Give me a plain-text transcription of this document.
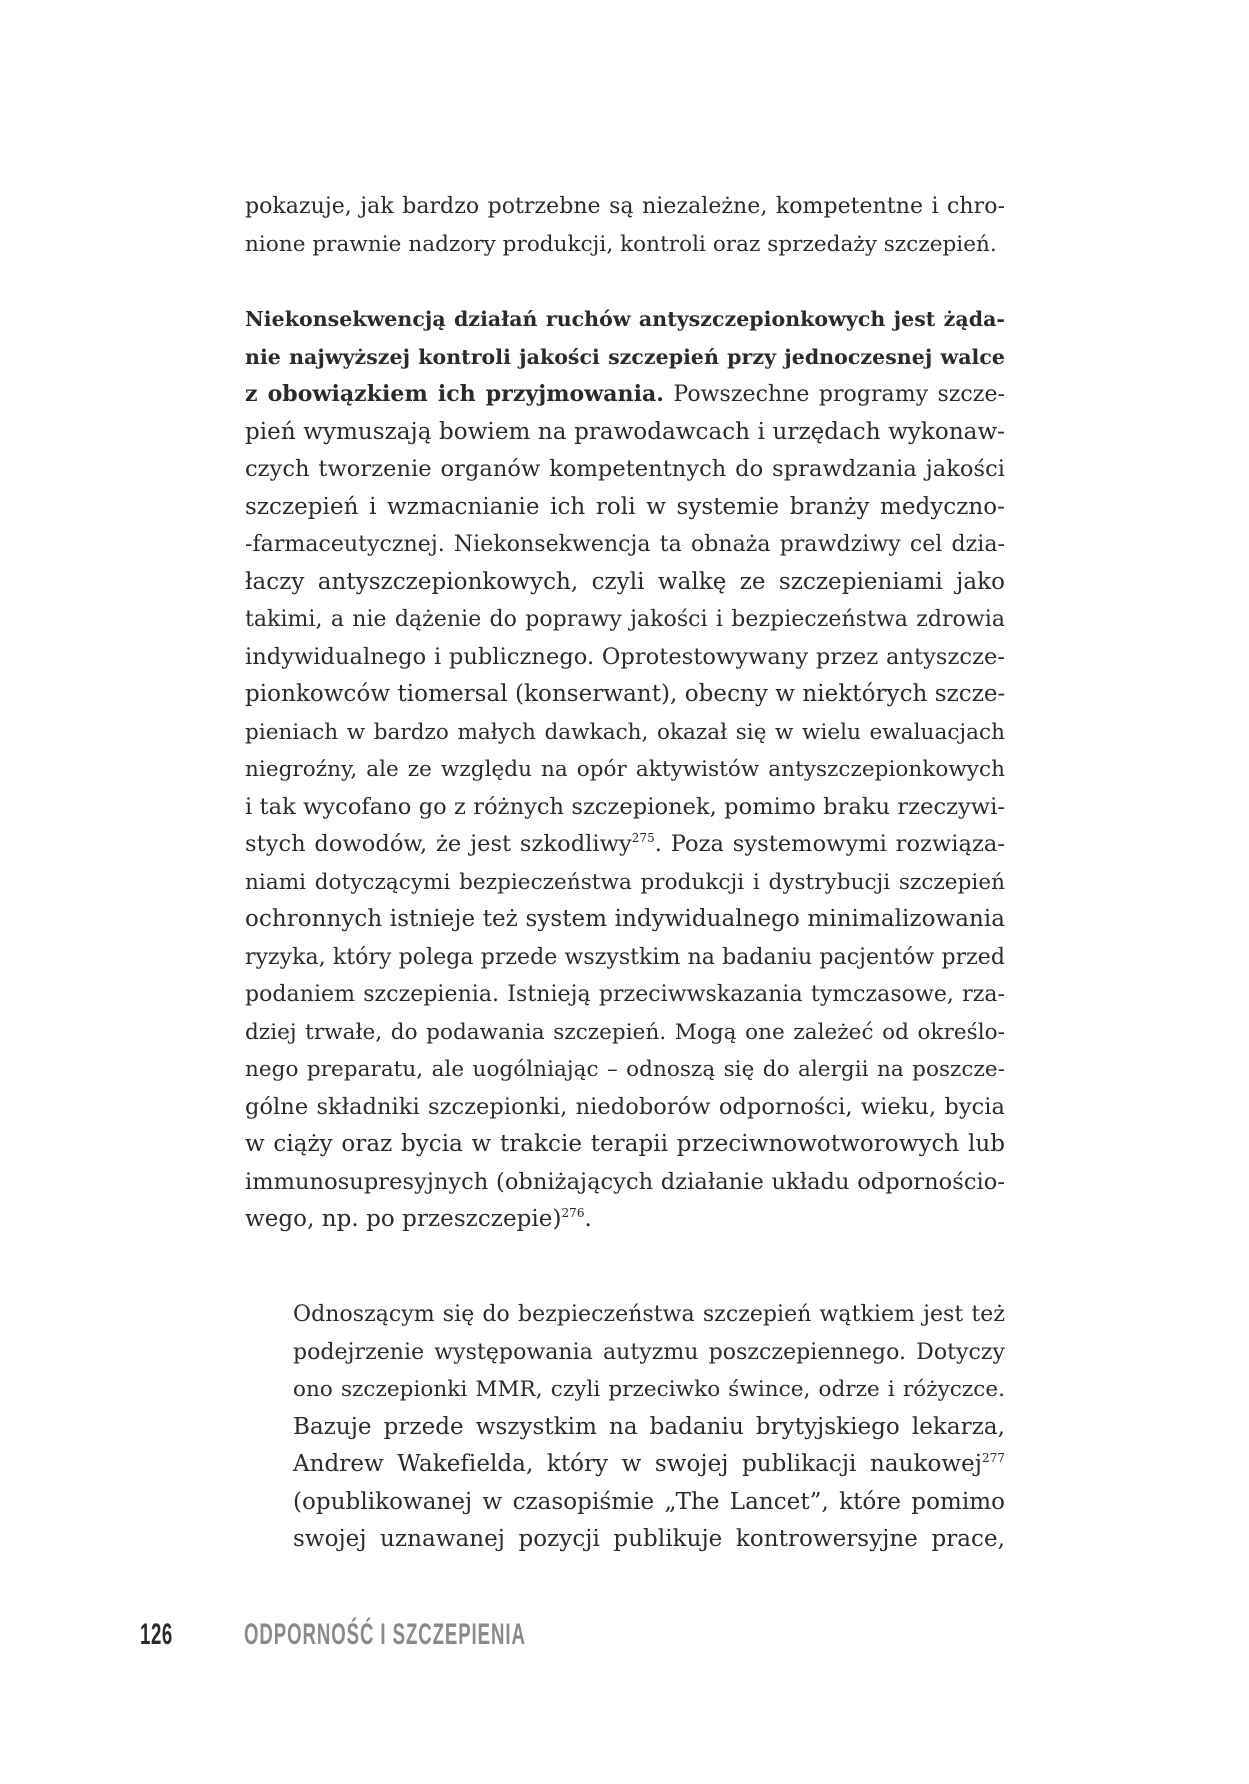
pokazuje, jak bardzo potrzebne są niezależne, kompetentne i chro-
nione prawnie nadzory produkcji, kontroli oraz sprzedaży szczepień.
Niekonsekwencją działań ruchów antyszczepionkowych jest żąda-
nie najwyższej kontroli jakości szczepień przy jednoczesnej walce
z obowiązkiem ich przyjmowania. Powszechne programy szcze-
pień wymuszają bowiem na prawodawcach i urzędach wykonaw-
czych tworzenie organów kompetentnych do sprawdzania jakości
szczepień i wzmacnianie ich roli w systemie branży medyczno-
-farmaceutycznej. Niekonsekwencja ta obnaża prawdziwy cel dzia-
łaczy antyszczepionkowych, czyli walkę ze szczepieniami jako
takimi, a nie dążenie do poprawy jakości i bezpieczeństwa zdrowia
indywidualnego i publicznego. Oprotestowywany przez antyszcze-
pionkowców tiomersal (konserwant), obecny w niektórych szcze-
pieniach w bardzo małych dawkach, okazał się w wielu ewaluacjach
niegroźny, ale ze względu na opór aktywistów antyszczepionkowych
i tak wycofano go z różnych szczepionek, pomimo braku rzeczywi-
stych dowodów, że jest szkodliwy$^{275}$. Poza systemowymi rozwiąza-
niami dotyczącymi bezpieczeństwa produkcji i dystrybucji szczepień
ochronnych istnieje też system indywidualnego minimalizowania
ryzyka, który polega przede wszystkim na badaniu pacjentów przed
podaniem szczepienia. Istnieją przeciwwskazania tymczasowe, rza-
dziej trwałe, do podawania szczepień. Mogą one zależeć od określo-
nego preparatu, ale uogólniając – odnoszą się do alergii na poszcze-
gólne składniki szczepionki, niedoborów odporności, wieku, bycia
w ciąży oraz bycia w trakcie terapii przeciwnowotworowych lub
immunosupresyjnych (obniżających działanie układu odpornościo-
wego, np. po przeszczepie)$^{276}$.
Odnoszącym się do bezpieczeństwa szczepień wątkiem jest też
podejrzenie występowania autyzmu poszczepiennego. Dotyczy
ono szczepionki MMR, czyli przeciwko śwince, odrze i różyczce.
Bazuje przede wszystkim na badaniu brytyjskiego lekarza,
Andrew Wakefielda, który w swojej publikacji naukowej$^{277}$
(opublikowanej w czasopiśmie „The Lancet”, które pomimo
swojej uznawanej pozycji publikuje kontrowersyjne prace,
126 ODPORNOŚĆ I SZCZEPIENIA
